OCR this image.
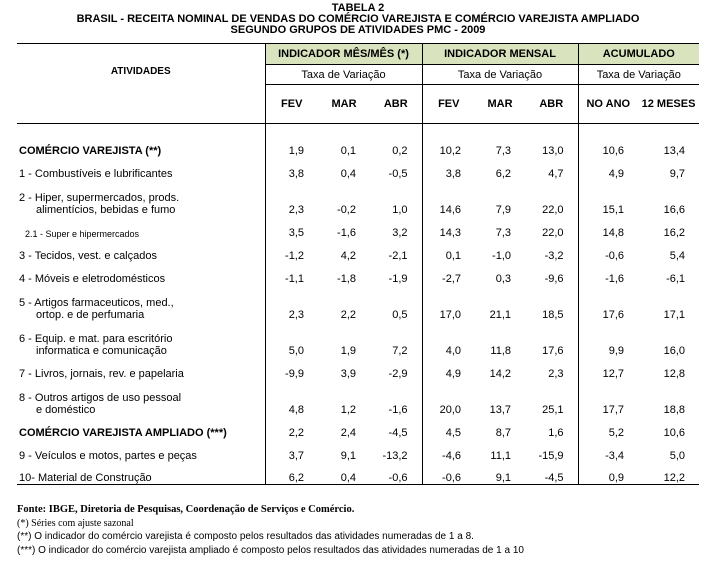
TABELA 2
BRASIL - RECEITA NOMINAL DE VENDAS DO COMÉRCIO VAREJISTA E COMÉRCIO VAREJISTA AMPLIADO
SEGUNDO GRUPOS DE ATIVIDADES PMC - 2009
ATIVIDADES	INDICADOR MÊS/MÊS (*)			INDICADOR MENSAL			ACUMULADO	
	Taxa de Variação			Taxa de Variação			Taxa de Variação	
	FEV	MAR	ABR	FEV	MAR	ABR	NO ANO	12 MESES

COMÉRCIO VAREJISTA (**)	1,9	0,1	0,2	10,2	7,3	13,0	10,6	13,4

1 - Combustíveis e lubrificantes	3,8	0,4	-0,5	3,8	6,2	4,7	4,9	9,7

2 - Hiper, supermercados, prods.
alimentícios, bebidas e fumo	2,3	-0,2	1,0	14,6	7,9	22,0	15,1	16,6

2.1 - Super e hipermercados	3,5	-1,6	3,2	14,3	7,3	22,0	14,8	16,2

3 - Tecidos, vest. e calçados	-1,2	4,2	-2,1	0,1	-1,0	-3,2	-0,6	5,4

4 - Móveis e eletrodomésticos	-1,1	-1,8	-1,9	-2,7	0,3	-9,6	-1,6	-6,1

5 - Artigos farmaceuticos, med.,
ortop. e de perfumaria	2,3	2,2	0,5	17,0	21,1	18,5	17,6	17,1

6 - Equip. e mat. para escritório
informatica e comunicação	5,0	1,9	7,2	4,0	11,8	17,6	9,9	16,0

7 - Livros, jornais, rev. e papelaria	-9,9	3,9	-2,9	4,9	14,2	2,3	12,7	12,8

8 - Outros artigos de uso pessoal
e doméstico	4,8	1,2	-1,6	20,0	13,7	25,1	17,7	18,8

COMÉRCIO VAREJISTA AMPLIADO (***)	2,2	2,4	-4,5	4,5	8,7	1,6	5,2	10,6

9 - Veículos e motos, partes e peças	3,7	9,1	-13,2	-4,6	11,1	-15,9	-3,4	5,0

10- Material de Construção	6,2	0,4	-0,6	-0,6	9,1	-4,5	0,9	12,2
Fonte: IBGE, Diretoria de Pesquisas, Coordenação de Serviços e Comércio.
(*) Séries com ajuste sazonal
(**) O indicador do comércio varejista é composto pelos resultados das atividades numeradas de 1 a 8.
(***) O indicador do comércio varejista ampliado é composto pelos resultados das atividades numeradas de 1 a 10
